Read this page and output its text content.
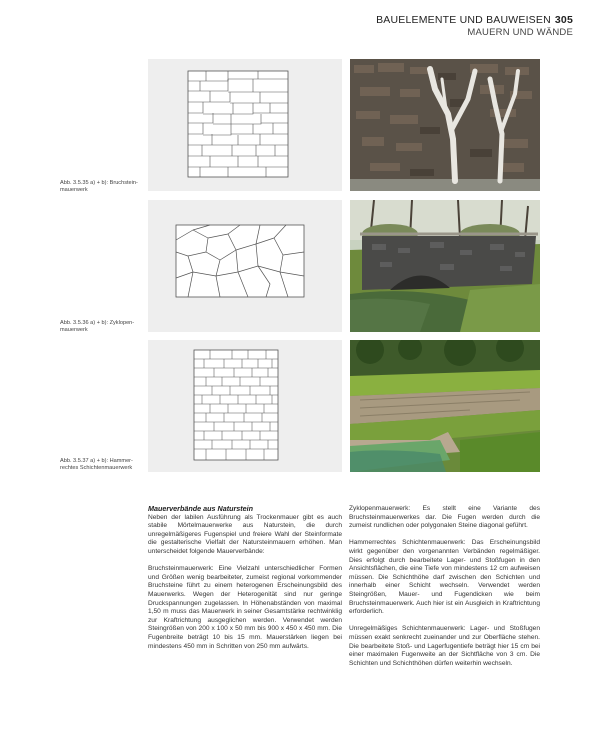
BAUELEMENTE UND BAUWEISEN 305
MAUERN UND WÄNDE
Abb. 3.5.35 a) + b): Bruchstein-mauerwerk
Abb. 3.5.36 a) + b): Zyklopen-mauerwerk
Abb. 3.5.37 a) + b): Hammer-rechtes Schichtenmauerwerk
Mauerverbände aus Naturstein

Neben der labilen Ausführung als Trockenmauer gibt es auch stabile Mörtelmauerwerke aus Naturstein, die durch unregelmäßigeres Fugenspiel und freiere Wahl der Steinformate die gestalterische Vielfalt der Natursteinmauern erhöhen. Man unterscheidet folgende Mauerverbände:

Bruchsteinmauerwerk: Eine Vielzahl unterschiedlicher Formen und Größen wenig bearbeiteter, zumeist regional vorkommender Bruchsteine führt zu einem heterogenen Erscheinungsbild des Mauerwerks. Wegen der Heterogenität sind nur geringe Druckspannungen zugelassen. In Höhenabständen von maximal 1,50 m muss das Mauerwerk in seiner Gesamtstärke rechtwinklig zur Kraftrichtung ausgeglichen werden. Verwendet werden Steingrößen von 200 x 100 x 50 mm bis 900 x 450 x 450 mm. Die Fugenbreite beträgt 10 bis 15 mm. Mauerstärken liegen bei mindestens 450 mm in Schritten von 250 mm aufwärts.

Zyklopenmauerwerk: Es stellt eine Variante des Bruchsteinmauerwerkes dar. Die Fugen werden durch die zumeist rundlichen oder polygonalen Steine diagonal geführt.

Hammerrechtes Schichtenmauerwerk: Das Erscheinungsbild wirkt gegenüber den vorgenannten Verbänden regelmäßiger. Dies erfolgt durch bearbeitete Lager- und Stoßfugen in den Ansichtsflächen, die eine Tiefe von mindestens 12 cm aufweisen müssen. Die Schichthöhe darf zwischen den Schichten und innerhalb einer Schicht wechseln. Verwendet werden Steingrößen, Mauer- und Fugendicken wie beim Bruchsteinmauerwerk. Auch hier ist ein Ausgleich in Kraftrichtung erforderlich.

Unregelmäßiges Schichtenmauerwerk: Lager- und Stoßfugen müssen exakt senkrecht zueinander und zur Oberfläche stehen. Die bearbeitete Stoß- und Lagerfugentiefe beträgt hier 15 cm bei einer maximalen Fugenweite an der Sichtfläche von 3 cm. Die Schichten und Schichthöhen dürfen weiterhin wechseln.
